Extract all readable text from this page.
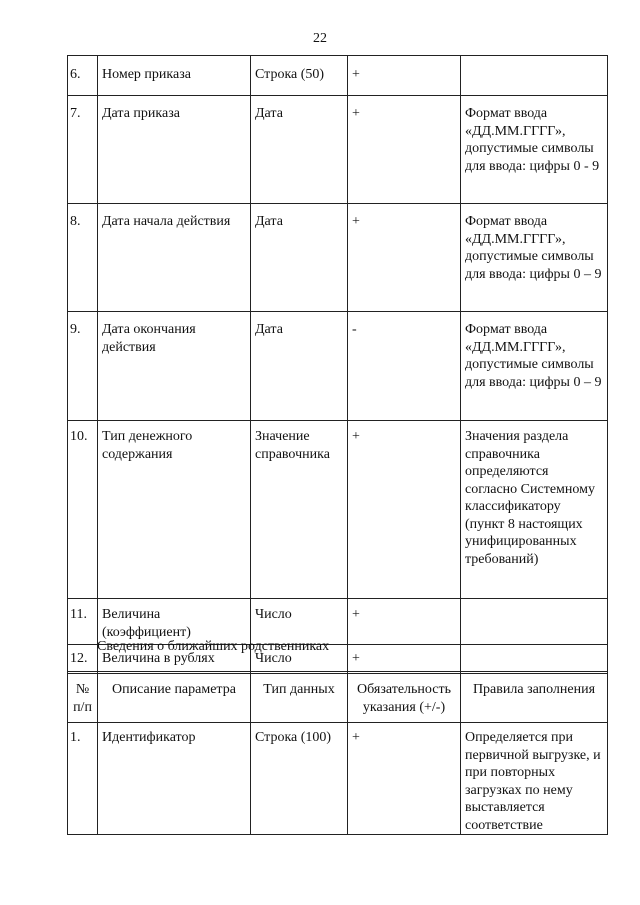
22
6.	Номер приказа	Строка (50)	+	
7.	Дата приказа	Дата	+	Формат ввода «ДД.ММ.ГГГГ», допустимые символы для ввода: цифры 0 - 9
8.	Дата начала действия	Дата	+	Формат ввода «ДД.ММ.ГГГГ», допустимые символы для ввода: цифры 0 – 9
9.	Дата окончания действия	Дата	-	Формат ввода «ДД.ММ.ГГГГ», допустимые символы для ввода: цифры 0 – 9
10.	Тип денежного содержания	Значение справочника	+	Значения раздела справочника определяются согласно Системному классификатору (пункт 8 настоящих унифицированных требований)
11.	Величина (коэффициент)	Число	+	
12.	Величина в рублях	Число	+	
Сведения о ближайших родственниках
№ п/п	Описание параметра	Тип данных	Обязательность указания (+/-)	Правила заполнения
1.	Идентификатор	Строка (100)	+	Определяется при первичной выгрузке, и при повторных загрузках по нему выставляется соответствие
